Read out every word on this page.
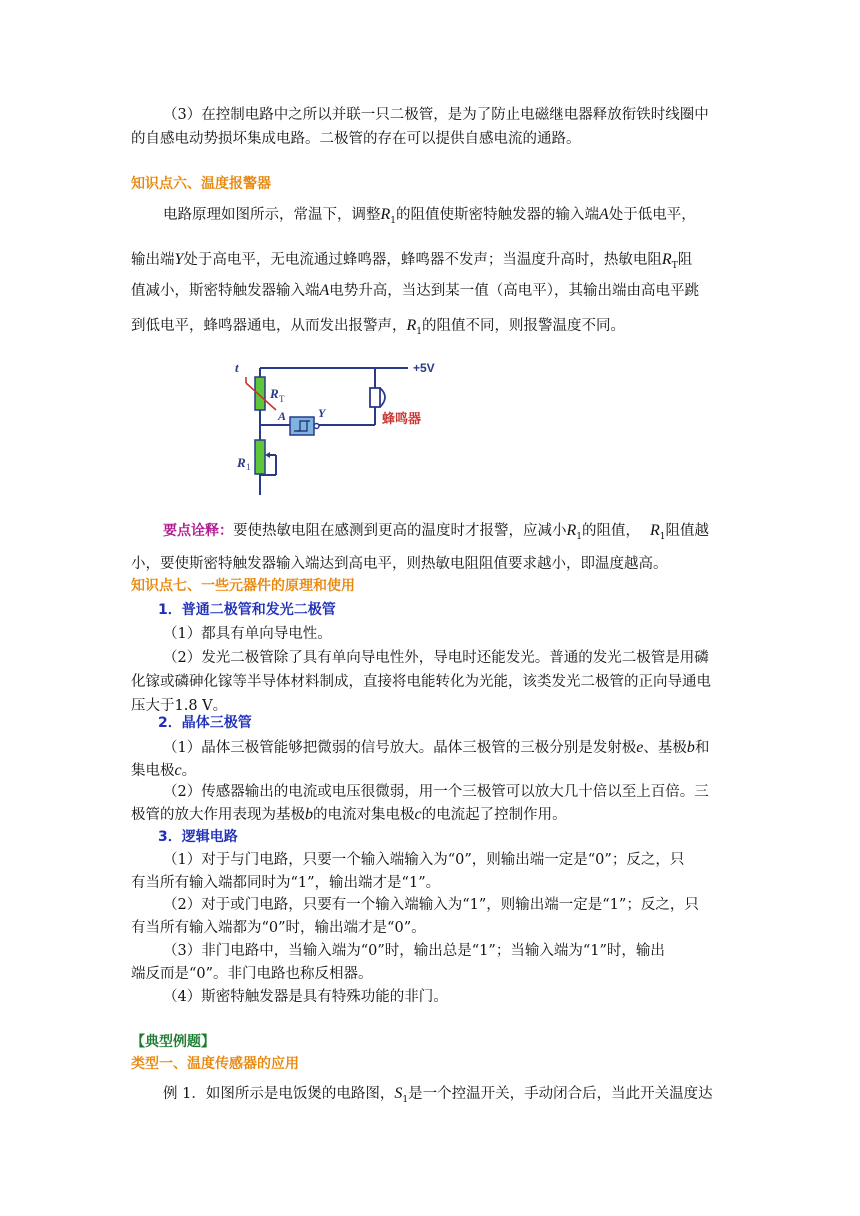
（3）在控制电路中之所以并联一只二极管，是为了防止电磁继电器释放衔铁时线圈中
的自感电动势损坏集成电路。二极管的存在可以提供自感电流的通路。
知识点六、温度报警器
电路原理如图所示，常温下，调整$R_1$的阻值使斯密特触发器的输入端A处于低电平，
输出端Y处于高电平，无电流通过蜂鸣器，蜂鸣器不发声；当温度升高时，热敏电阻$R_T$阻
值减小，斯密特触发器输入端A电势升高，当达到某一值（高电平），其输出端由高电平跳
到低电平，蜂鸣器通电，从而发出报警声，$R_1$的阻值不同，则报警温度不同。
t
R T
A	Y
R 1
+5V
蜂鸣器
要点诠释：要使热敏电阻在感测到更高的温度时才报警，应减小$R_1$的阻值， $R_1$阻值越
小，要使斯密特触发器输入端达到高电平，则热敏电阻阻值要求越小，即温度越高。
知识点七、一些元器件的原理和使用
1．普通二极管和发光二极管
（1）都具有单向导电性。
（2）发光二极管除了具有单向导电性外，导电时还能发光。普通的发光二极管是用磷
化镓或磷砷化镓等半导体材料制成，直接将电能转化为光能，该类发光二极管的正向导通电
压大于1.8 V。
2．晶体三极管
（1）晶体三极管能够把微弱的信号放大。晶体三极管的三极分别是发射极e、基极b和
集电极c。
（2）传感器输出的电流或电压很微弱，用一个三极管可以放大几十倍以至上百倍。三
极管的放大作用表现为基极b的电流对集电极c的电流起了控制作用。
3．逻辑电路
（1）对于与门电路，只要一个输入端输入为“0”，则输出端一定是“0”；反之，只
有当所有输入端都同时为“1”，输出端才是“1”。
（2）对于或门电路，只要有一个输入端输入为“1”，则输出端一定是“1”；反之，只
有当所有输入端都为“0”时，输出端才是“0”。
（3）非门电路中，当输入端为“0”时，输出总是“1”；当输入端为“1”时，输出
端反而是“0”。非门电路也称反相器。
（4）斯密特触发器是具有特殊功能的非门。
【典型例题】
类型一、温度传感器的应用
例 1．如图所示是电饭煲的电路图，$S_1$是一个控温开关，手动闭合后，当此开关温度达
